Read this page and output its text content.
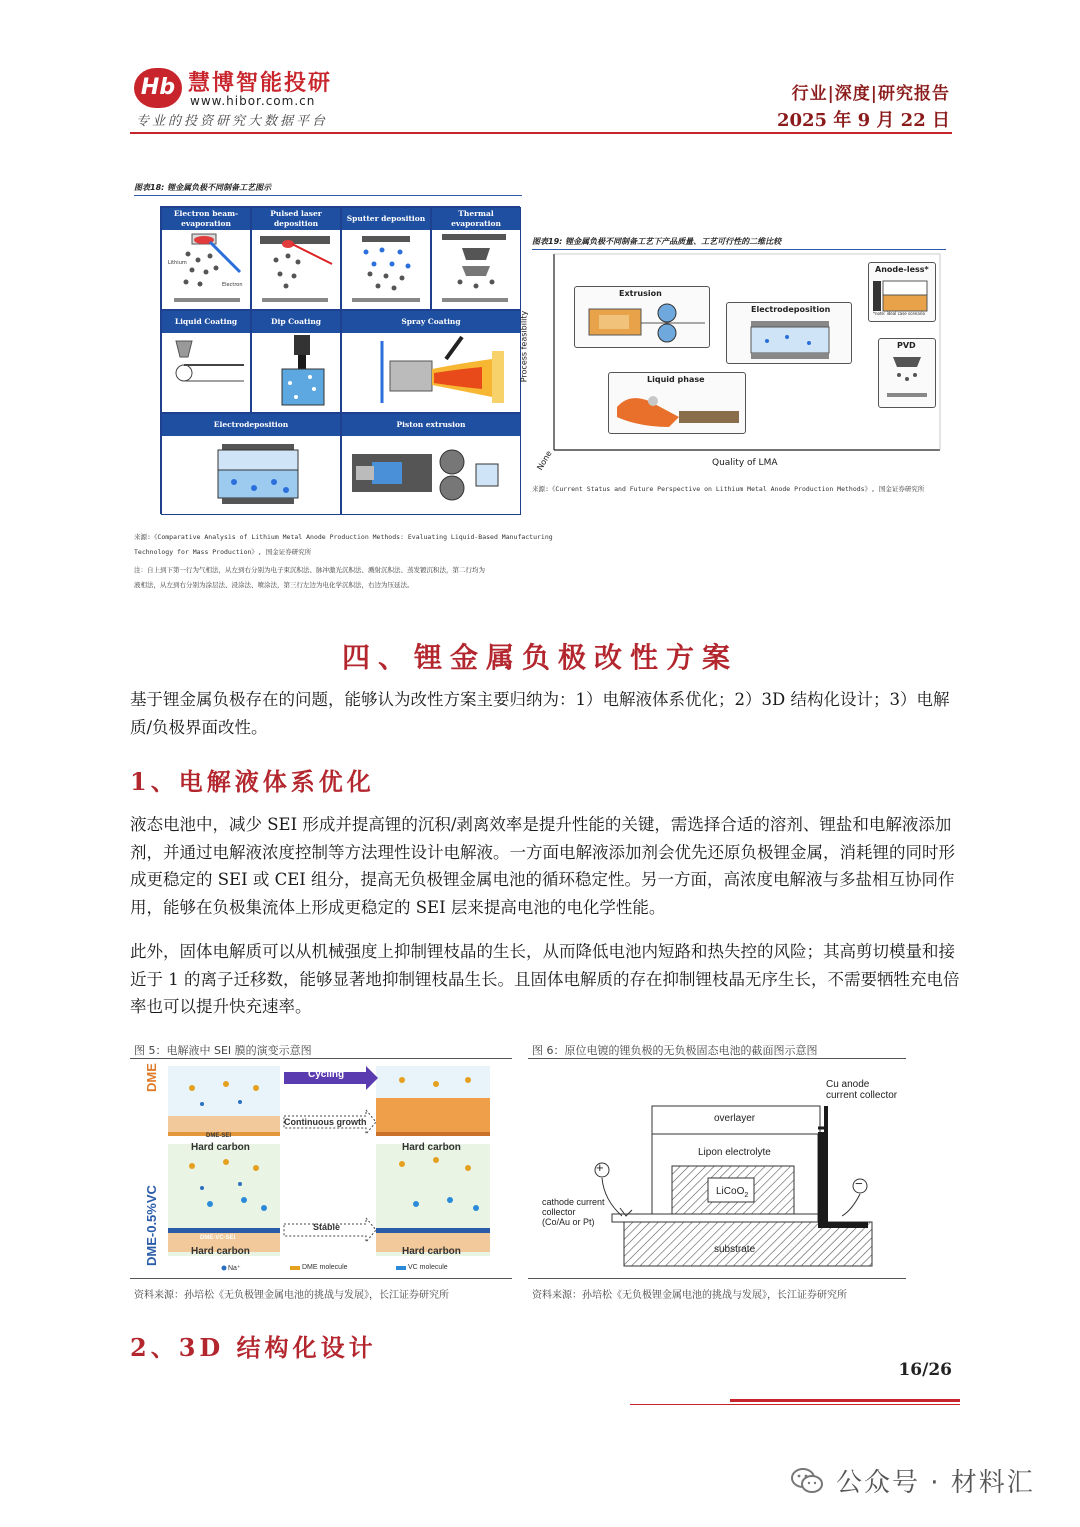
Hb 慧博智能投研
www.hibor.com.cn
专业的投资研究大数据平台
行业|深度|研究报告
2025 年 9 月 22 日
图表18: 锂金属负极不同制备工艺图示
Electron beam-evaporation
Lithium
Electron
Pulsed laser deposition
Sputter deposition
Thermal evaporation
Liquid Coating	Dip Coating	Spray Coating
Electrodeposition	Piston extrusion
来源:《Comparative Analysis of Lithium Metal Anode Production Methods: Evaluating Liquid-Based Manufacturing
Technology for Mass Production》, 国金证券研究所
注：自上到下第一行为气相法，从左到右分别为电子束沉积法、脉冲激光沉积法、溅射沉积法、蒸发镀沉积法，第二行均为
液相法，从左到右分别为涂层法、浸涂法、喷涂法，第三行左边为电化学沉积法，右边为压延法。
图表19: 锂金属负极不同制备工艺下产品质量、工艺可行性的二维比较
Process feasibility
Quality of LMA
None
Extrusion
Electrodeposition
Liquid phase
Anode-less*
*note: ideal case scenario
PVD
来源:《Current Status and Future Perspective on Lithium Metal Anode Production Methods》, 国金证券研究所
四、锂金属负极改性方案
基于锂金属负极存在的问题，能够认为改性方案主要归纳为：1）电解液体系优化；2）3D 结构化设计；3）电解质/负极界面改性。
1、电解液体系优化
液态电池中，减少 SEI 形成并提高锂的沉积/剥离效率是提升性能的关键，需选择合适的溶剂、锂盐和电解液添加剂，并通过电解液浓度控制等方法理性设计电解液。一方面电解液添加剂会优先还原负极锂金属，消耗锂的同时形成更稳定的 SEI 或 CEI 组分，提高无负极锂金属电池的循环稳定性。另一方面，高浓度电解液与多盐相互协同作用，能够在负极集流体上形成更稳定的 SEI 层来提高电池的电化学性能。
此外，固体电解质可以从机械强度上抑制锂枝晶的生长，从而降低电池内短路和热失控的风险；其高剪切模量和接近于 1 的离子迁移数，能够显著地抑制锂枝晶生长。且固体电解质的存在抑制锂枝晶无序生长，不需要牺牲充电倍率也可以提升快充速率。
图 5：电解液中 SEI 膜的演变示意图
DME
DME-0.5%VC
Cycling
Continuous growth
Stable
DME-SEI
DME-VC-SEI
Hard carbon	Hard carbon
Hard carbon	Hard carbon
Na⁺	DME molecule	VC molecule
资料来源：孙培松《无负极锂金属电池的挑战与发展》，长江证券研究所
图 6：原位电镀的锂负极的无负极固态电池的截面图示意图
Cu anode
current collector
overlayer
Lipon electrolyte
LiCoO$_2$
cathode current
collector
(Co/Au or Pt)
substrate
+
−
资料来源：孙培松《无负极锂金属电池的挑战与发展》，长江证券研究所
2、3D 结构化设计
16/26
公众号 · 材料汇
